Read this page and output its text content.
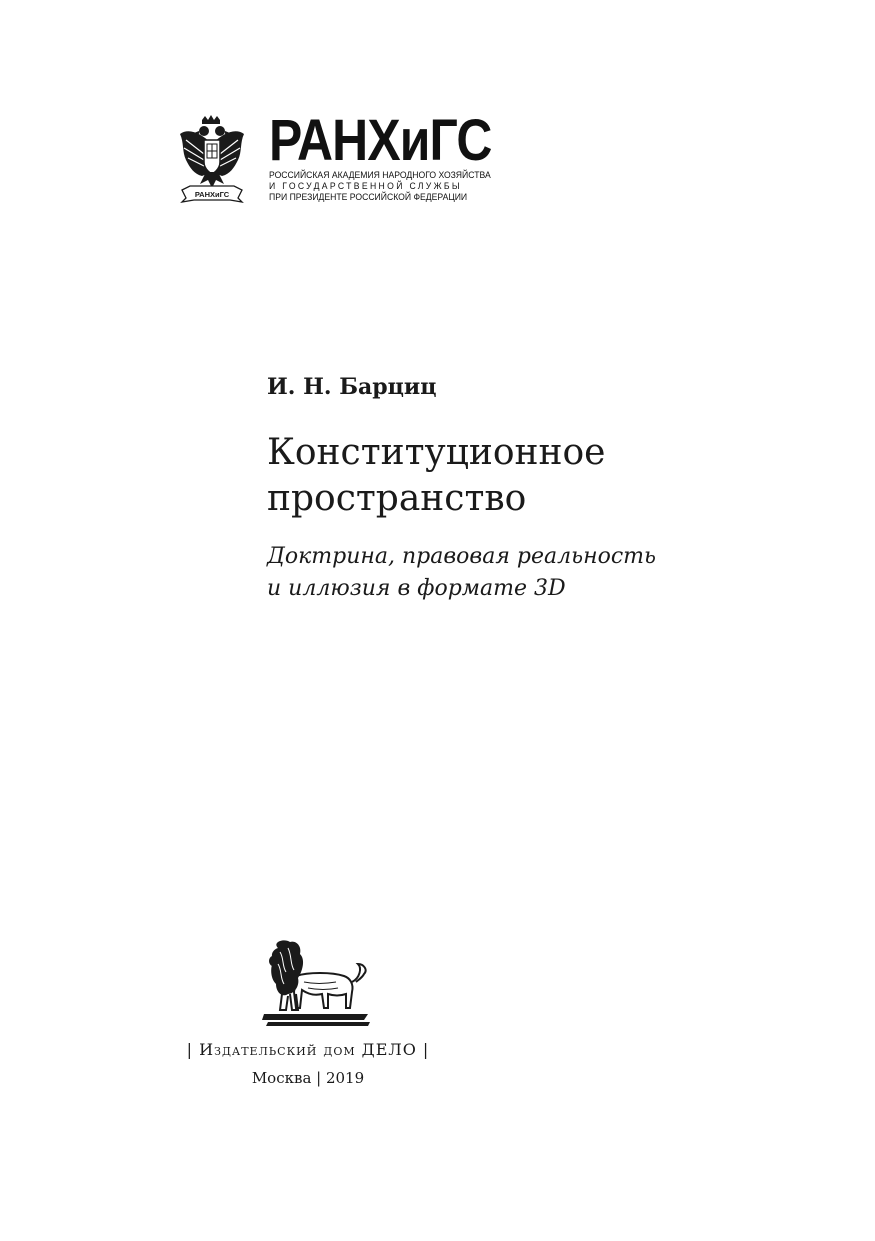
РАНХиГС
РАНХиГС
РОССИЙСКАЯ АКАДЕМИЯ НАРОДНОГО ХОЗЯЙСТВА
И ГОСУДАРСТВЕННОЙ СЛУЖБЫ
ПРИ ПРЕЗИДЕНТЕ РОССИЙСКОЙ ФЕДЕРАЦИИ
И. Н. Барциц
Конституционное
пространство
Доктрина, правовая реальность
и иллюзия в формате 3D
| Издательский дом ДЕЛО |
Москва | 2019
